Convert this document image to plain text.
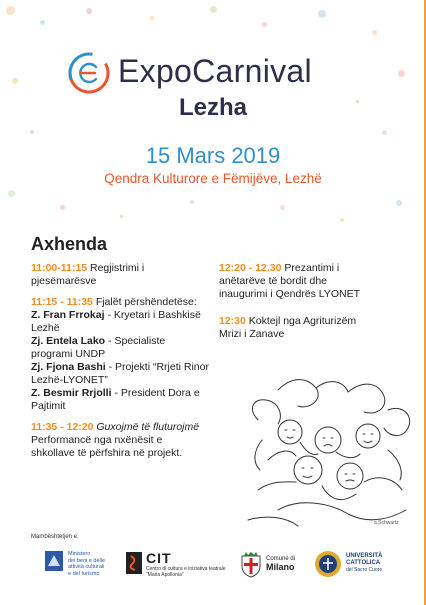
ExpoCarnival
Lezha
15 Mars 2019
Qendra Kulturore e Fëmijëve, Lezhë
Axhenda

11:00-11:15 Regjistrimi i pjesëmarësve

11:15 - 11:35 Fjalët përshëndetëse:
Z. Fran Frrokaj - Kryetari i Bashkisë Lezhë
Zj. Entela Lako - Specialiste programi UNDP
Zj. Fjona Bashi - Projekti “Rrjeti Rinor Lezhë-LYONET”
Z. Besmir Rrjolli - President Dora e Pajtimit

11:35 - 12:20 Guxojmë të fluturojmë
Performancë nga nxënësit e shkollave të përfshira në projekt.

12:20 - 12.30 Prezantimi i anëtarëve të bordit dhe inaugurimi i Qendrës LYONET

12:30 Koktejl nga Agriturizëm Mrizi i Zanave

a.Schwartz
Mambështetjen e:
Ministero
dei beni e delle
attività culturali
e del turismo
CIT
Centro di cultura e iniziativa teatrale
“Maria Apollonia”
Comune di
Milano
UNIVERSITÀ
CATTOLICA
del Sacro Cuore
